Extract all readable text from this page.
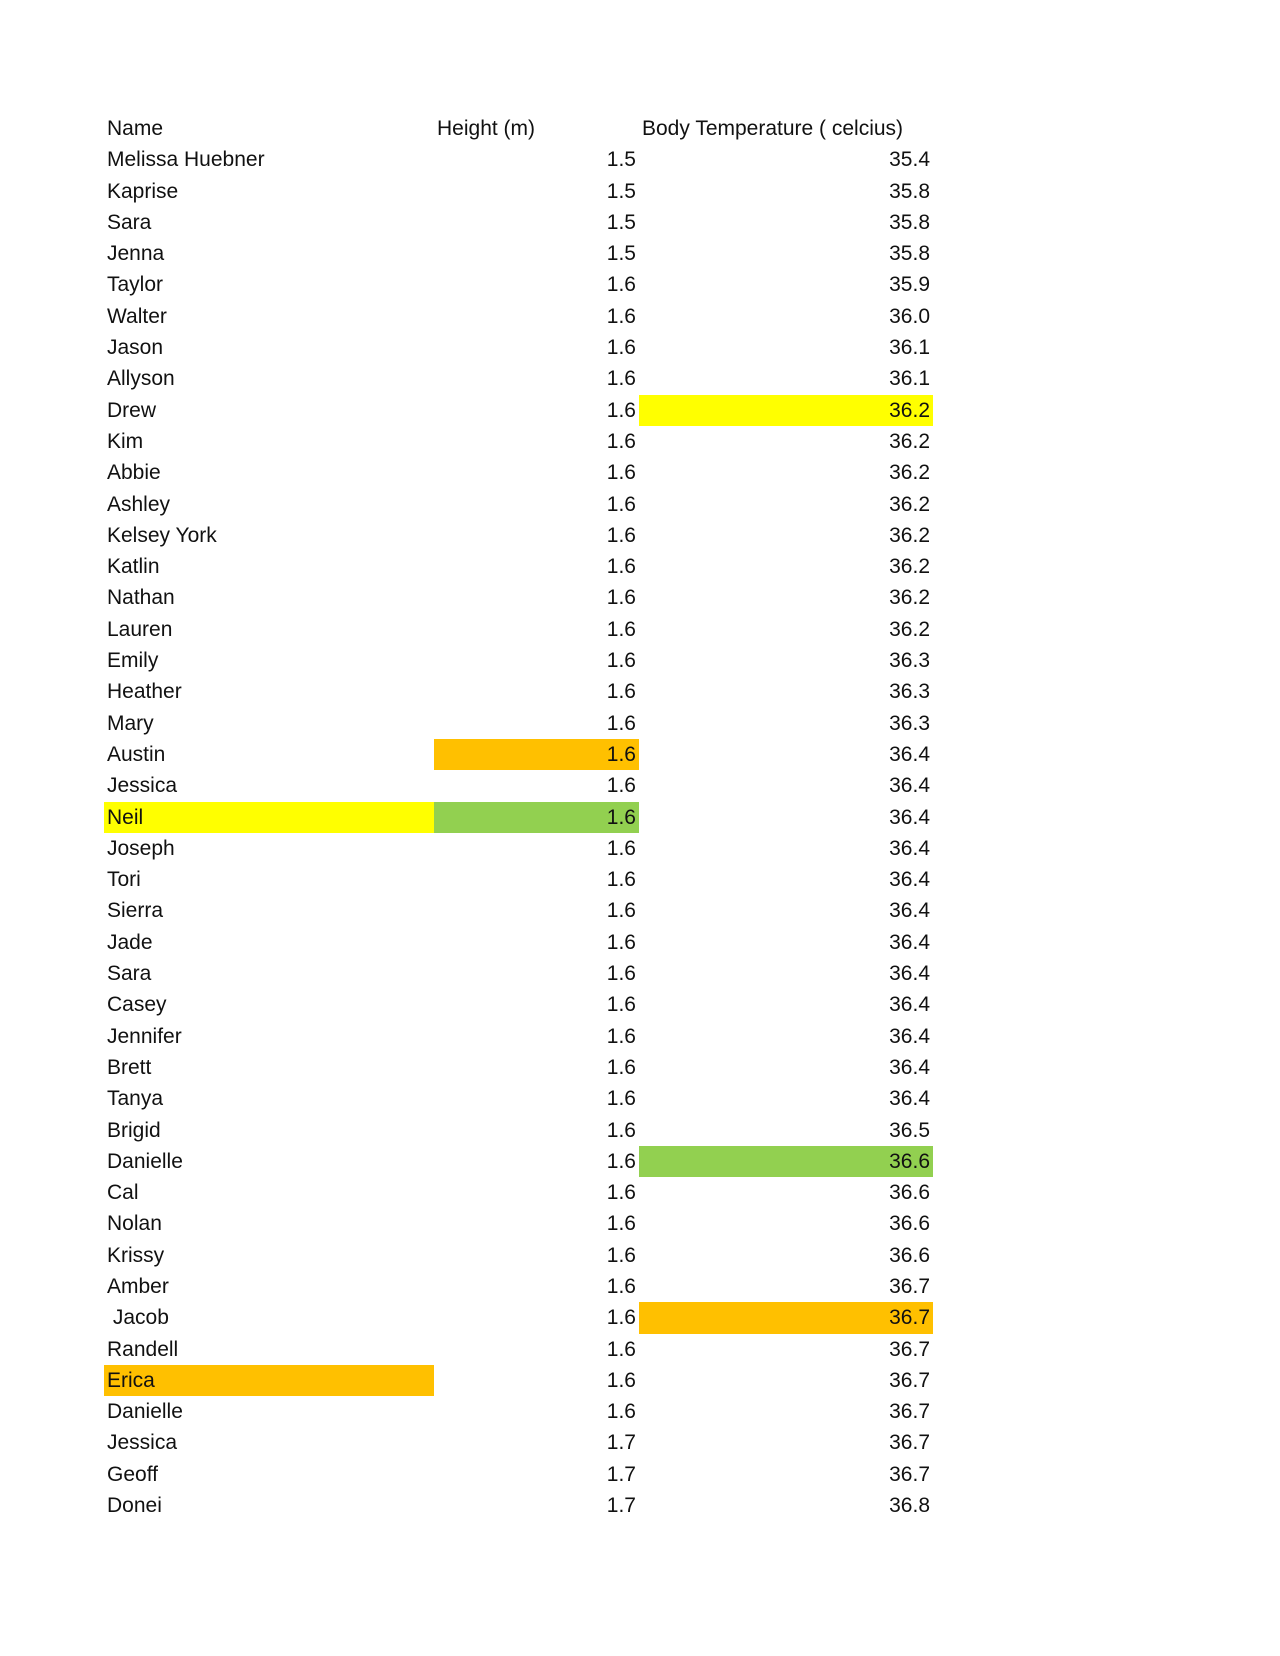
Name	Height (m)	Body Temperature ( celcius)
Melissa Huebner	1.5	35.4
Kaprise	1.5	35.8
Sara	1.5	35.8
Jenna	1.5	35.8
Taylor	1.6	35.9
Walter	1.6	36.0
Jason	1.6	36.1
Allyson	1.6	36.1
Drew	1.6	36.2
Kim	1.6	36.2
Abbie	1.6	36.2
Ashley	1.6	36.2
Kelsey York	1.6	36.2
Katlin	1.6	36.2
Nathan	1.6	36.2
Lauren	1.6	36.2
Emily	1.6	36.3
Heather	1.6	36.3
Mary	1.6	36.3
Austin	1.6	36.4
Jessica	1.6	36.4
Neil	1.6	36.4
Joseph	1.6	36.4
Tori	1.6	36.4
Sierra	1.6	36.4
Jade	1.6	36.4
Sara	1.6	36.4
Casey	1.6	36.4
Jennifer	1.6	36.4
Brett	1.6	36.4
Tanya	1.6	36.4
Brigid	1.6	36.5
Danielle	1.6	36.6
Cal	1.6	36.6
Nolan	1.6	36.6
Krissy	1.6	36.6
Amber	1.6	36.7
Jacob	1.6	36.7
Randell	1.6	36.7
Erica	1.6	36.7
Danielle	1.6	36.7
Jessica	1.7	36.7
Geoff	1.7	36.7
Donei	1.7	36.8
